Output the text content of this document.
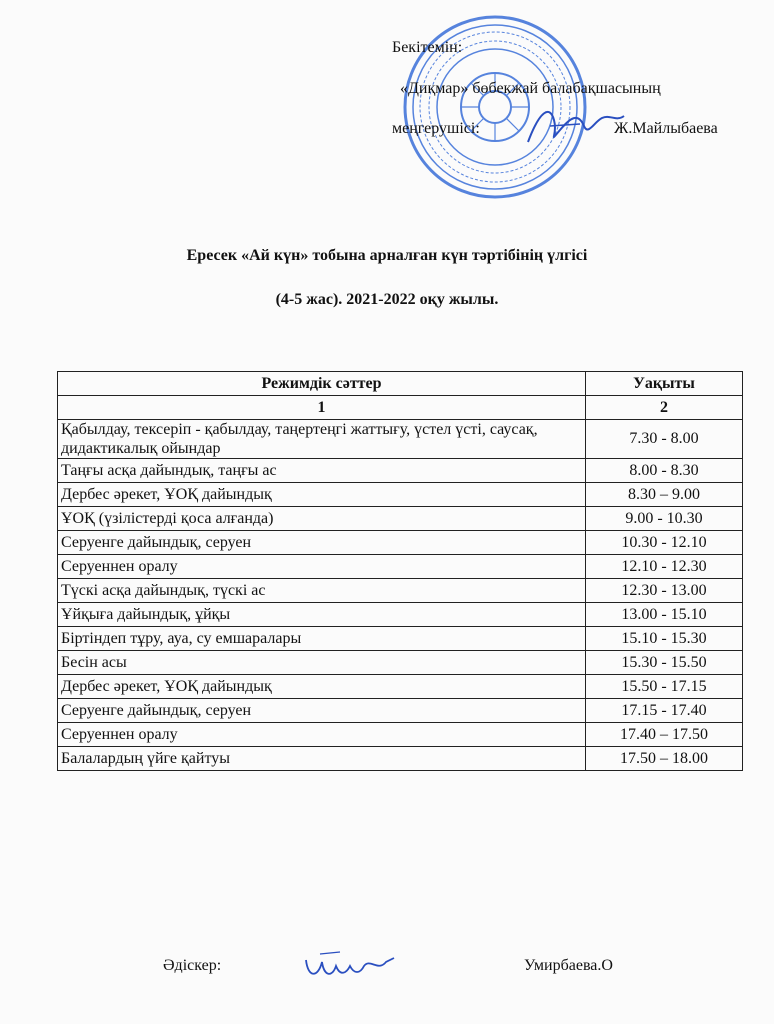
Бекітемін:
«Диқмар» бөбекжай балабақшасының
меңгерушісі:	Ж.Майлыбаева
Ересек «Ай күн» тобына арналған күн тәртібінің үлгісі
(4-5 жас). 2021-2022 оқу жылы.
Режимдік сәттер	Уақыты
1	2
Қабылдау, тексеріп - қабылдау, таңертеңгі жаттығу, үстел үсті, саусақ, дидактикалық ойындар	7.30 - 8.00
Таңғы асқа дайындық, таңғы ас	8.00 - 8.30
Дербес әрекет, ҰОҚ дайындық	8.30 – 9.00
ҰОҚ (үзілістерді қоса алғанда)	9.00 - 10.30
Серуенге дайындық, серуен	10.30 - 12.10
Серуеннен оралу	12.10 - 12.30
Түскі асқа дайындық, түскі ас	12.30 - 13.00
Ұйқыға дайындық, ұйқы	13.00 - 15.10
Біртіндеп тұру, ауа, су емшаралары	15.10 - 15.30
Бесін асы	15.30 - 15.50
Дербес әрекет, ҰОҚ дайындық	15.50 - 17.15
Серуенге дайындық, серуен	17.15 - 17.40
Серуеннен оралу	17.40 – 17.50
Балалардың үйге қайтуы	17.50 – 18.00
Әдіскер:	Умирбаева.О
